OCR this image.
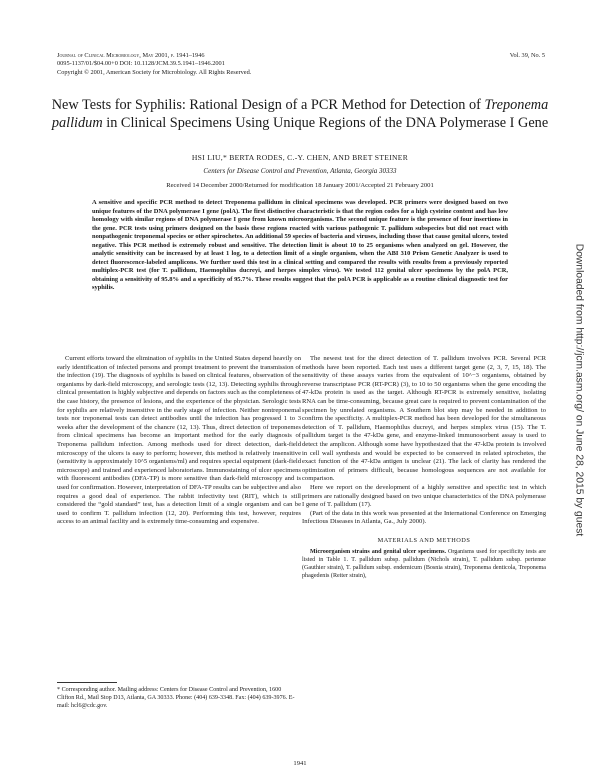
Journal of Clinical Microbiology, May 2001, p. 1941–1946
0095-1137/01/$04.00+0 DOI: 10.1128/JCM.39.5.1941–1946.2001
Copyright © 2001, American Society for Microbiology. All Rights Reserved.
Vol. 39, No. 5
New Tests for Syphilis: Rational Design of a PCR Method for Detection of Treponema pallidum in Clinical Specimens Using Unique Regions of the DNA Polymerase I Gene
HSI LIU,* BERTA RODES, C.-Y. CHEN, AND BRET STEINER
Centers for Disease Control and Prevention, Atlanta, Georgia 30333
Received 14 December 2000/Returned for modification 18 January 2001/Accepted 21 February 2001
A sensitive and specific PCR method to detect Treponema pallidum in clinical specimens was developed. PCR primers were designed based on two unique features of the DNA polymerase I gene (polA). The first distinctive characteristic is that the region codes for a high cysteine content and has low homology with similar regions of DNA polymerase I gene from known microorganisms. The second unique feature is the presence of four insertions in the gene. PCR tests using primers designed on the basis these regions reacted with various pathogenic T. pallidum subspecies but did not react with nonpathogenic treponemal species or other spirochetes. An additional 59 species of bacteria and viruses, including those that cause genital ulcers, tested negative. This PCR method is extremely robust and sensitive. The detection limit is about 10 to 25 organisms when analyzed on gel. However, the analytic sensitivity can be increased by at least 1 log, to a detection limit of a single organism, when the ABI 310 Prism Genetic Analyzer is used to detect fluorescence-labeled amplicons. We further used this test in a clinical setting and compared the results with results from a previously reported multiplex-PCR test (for T. pallidum, Haemophilus ducreyi, and herpes simplex virus). We tested 112 genital ulcer specimens by the polA PCR, obtaining a sensitivity of 95.8% and a specificity of 95.7%. These results suggest that the polA PCR is applicable as a routine clinical diagnostic test for syphilis.

Current efforts toward the elimination of syphilis in the United States depend heavily on early identification of infected persons and prompt treatment to prevent the transmission of the infection (19). The diagnosis of syphilis is based on clinical features, observation of the organisms by dark-field microscopy, and serologic tests (12, 13). Detecting syphilis through clinical presentation is highly subjective and depends on factors such as the completeness of the case history, the presence of lesions, and the experience of the physician. Serologic tests for syphilis are relatively insensitive in the early stage of infection. Neither nontreponemal tests nor treponemal tests can detect antibodies until the infection has progressed 1 to 3 weeks after the development of the chancre (12, 13). Thus, direct detection of treponemes from clinical specimens has become an important method for the early diagnosis of Treponema pallidum infection. Among methods used for direct detection, dark-field microscopy of the ulcers is easy to perform; however, this method is relatively insensitive (sensitivity is approximately 10^5 organisms/ml) and requires special equipment (dark-field microscope) and trained and experienced laboratorians. Immunostaining of ulcer specimens with fluorescent antibodies (DFA-TP) is more sensitive than dark-field microscopy and is used for confirmation. However, interpretation of DFA-TP results can be subjective and also requires a good deal of experience. The rabbit infectivity test (RIT), which is still considered the “gold standard” test, has a detection limit of a single organism and can be used to confirm T. pallidum infection (12, 20). Performing this test, however, requires access to an animal facility and is extremely time-consuming and expensive.

The newest test for the direct detection of T. pallidum involves PCR. Several PCR methods have been reported. Each test uses a different target gene (2, 3, 7, 15, 18). The sensitivity of these assays varies from the equivalent of 10^−3 organisms, obtained by reverse transcriptase PCR (RT-PCR) (3), to 10 to 50 organisms when the gene encoding the 47-kDa protein is used as the target. Although RT-PCR is extremely sensitive, isolating RNA can be time-consuming, because great care is required to prevent contamination of the specimen by unrelated organisms. A Southern blot step may be needed in addition to confirm the specificity. A multiplex-PCR method has been developed for the simultaneous detection of T. pallidum, Haemophilus ducreyi, and herpes simplex virus (15). The T. pallidum target is the 47-kDa gene, and enzyme-linked immunosorbent assay is used to detect the amplicon. Although some have hypothesized that the 47-kDa protein is involved in cell wall synthesis and would be expected to be conserved in related spirochetes, the exact function of the 47-kDa antigen is unclear (21). The lack of clarity has rendered the optimization of primers difficult, because homologous sequences are not available for comparison.

Here we report on the development of a highly sensitive and specific test in which primers are rationally designed based on two unique characteristics of the DNA polymerase I gene of T. pallidum (17).

(Part of the data in this work was presented at the International Conference on Emerging Infectious Diseases in Atlanta, Ga., July 2000).

MATERIALS AND METHODS

Microorganism strains and genital ulcer specimens. Organisms used for specificity tests are listed in Table 1. T. pallidum subsp. pallidum (Nichols strain), T. pallidum subsp. pertenue (Gauthier strain), T. pallidum subsp. endemicum (Bosnia strain), Treponema denticola, Treponema phagedenis (Reiter strain),

* Corresponding author. Mailing address: Centers for Disease Control and Prevention, 1600 Clifton Rd., Mail Stop D13, Atlanta, GA 30333. Phone: (404) 639-3348. Fax: (404) 639-3976. E-mail: hcl6@cdc.gov.
1941
Downloaded from http://jcm.asm.org/ on June 28, 2015 by guest
